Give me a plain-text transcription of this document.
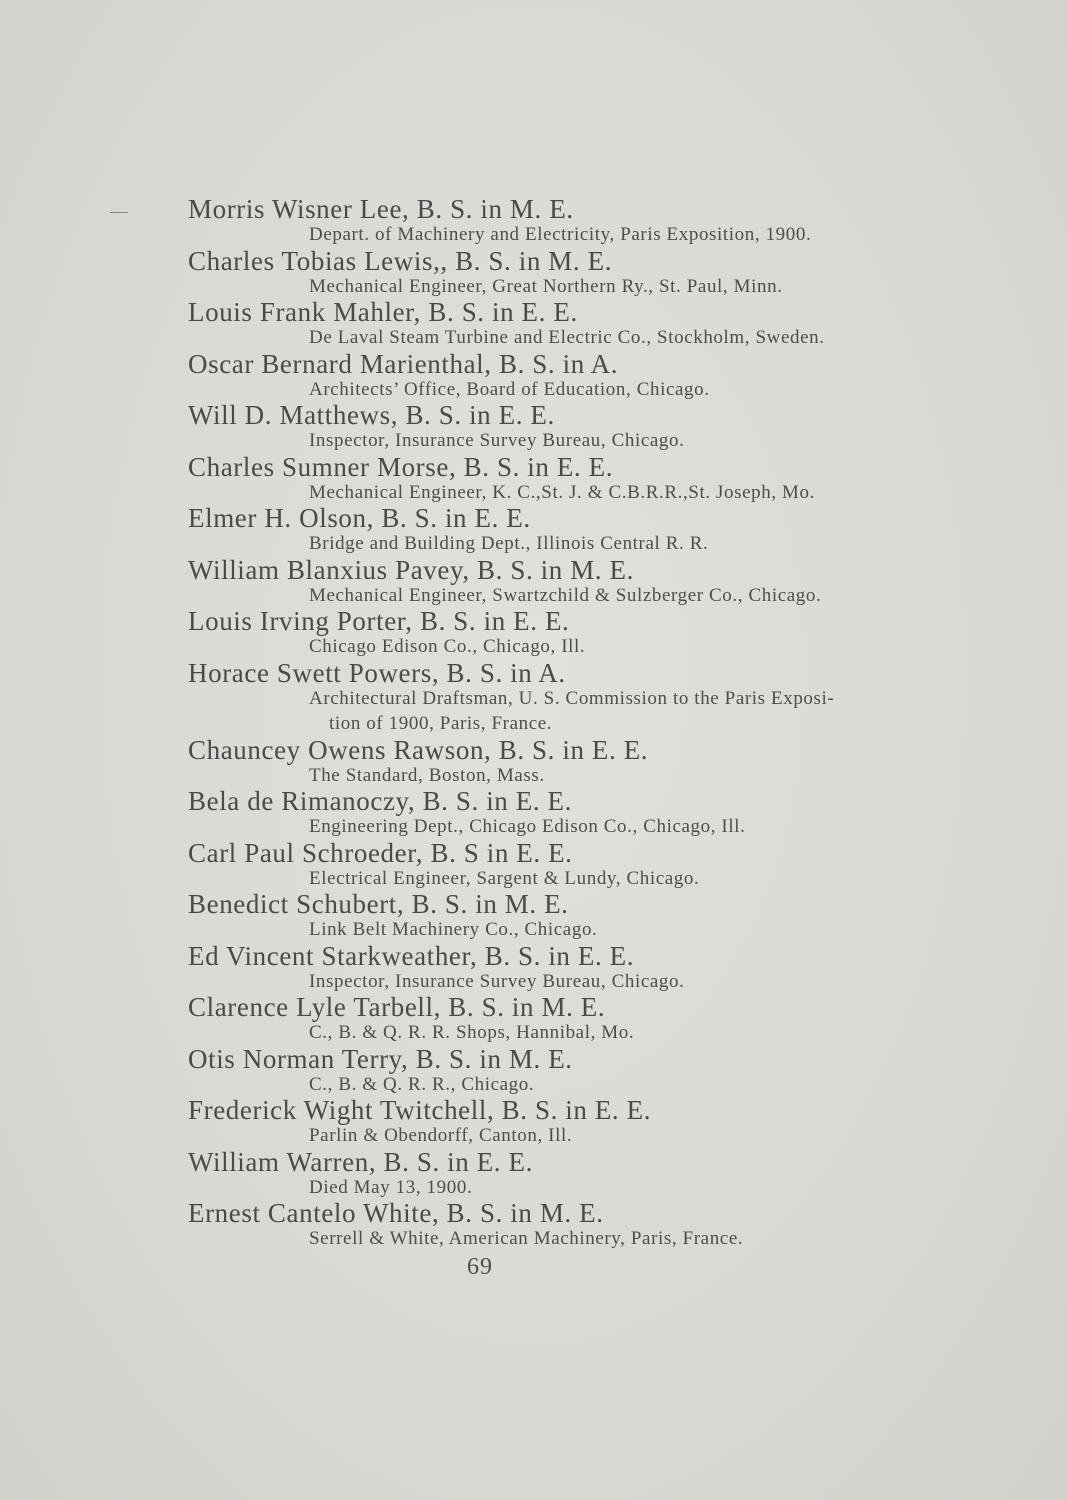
Morris Wisner Lee, B. S. in M. E.
Depart. of Machinery and Electricity, Paris Exposition, 1900.
Charles Tobias Lewis,, B. S. in M. E.
Mechanical Engineer, Great Northern Ry., St. Paul, Minn.
Louis Frank Mahler, B. S. in E. E.
De Laval Steam Turbine and Electric Co., Stockholm, Sweden.
Oscar Bernard Marienthal, B. S. in A.
Architects’ Office, Board of Education, Chicago.
Will D. Matthews, B. S. in E. E.
Inspector, Insurance Survey Bureau, Chicago.
Charles Sumner Morse, B. S. in E. E.
Mechanical Engineer, K. C.,St. J. & C.B.R.R.,St. Joseph, Mo.
Elmer H. Olson, B. S. in E. E.
Bridge and Building Dept., Illinois Central R. R.
William Blanxius Pavey, B. S. in M. E.
Mechanical Engineer, Swartzchild & Sulzberger Co., Chicago.
Louis Irving Porter, B. S. in E. E.
Chicago Edison Co., Chicago, Ill.
Horace Swett Powers, B. S. in A.
Architectural Draftsman, U. S. Commission to the Paris Exposi-
tion of 1900, Paris, France.
Chauncey Owens Rawson, B. S. in E. E.
The Standard, Boston, Mass.
Bela de Rimanoczy, B. S. in E. E.
Engineering Dept., Chicago Edison Co., Chicago, Ill.
Carl Paul Schroeder, B. S in E. E.
Electrical Engineer, Sargent & Lundy, Chicago.
Benedict Schubert, B. S. in M. E.
Link Belt Machinery Co., Chicago.
Ed Vincent Starkweather, B. S. in E. E.
Inspector, Insurance Survey Bureau, Chicago.
Clarence Lyle Tarbell, B. S. in M. E.
C., B. & Q. R. R. Shops, Hannibal, Mo.
Otis Norman Terry, B. S. in M. E.
C., B. & Q. R. R., Chicago.
Frederick Wight Twitchell, B. S. in E. E.
Parlin & Obendorff, Canton, Ill.
William Warren, B. S. in E. E.
Died May 13, 1900.
Ernest Cantelo White, B. S. in M. E.
Serrell & White, American Machinery, Paris, France.
69
